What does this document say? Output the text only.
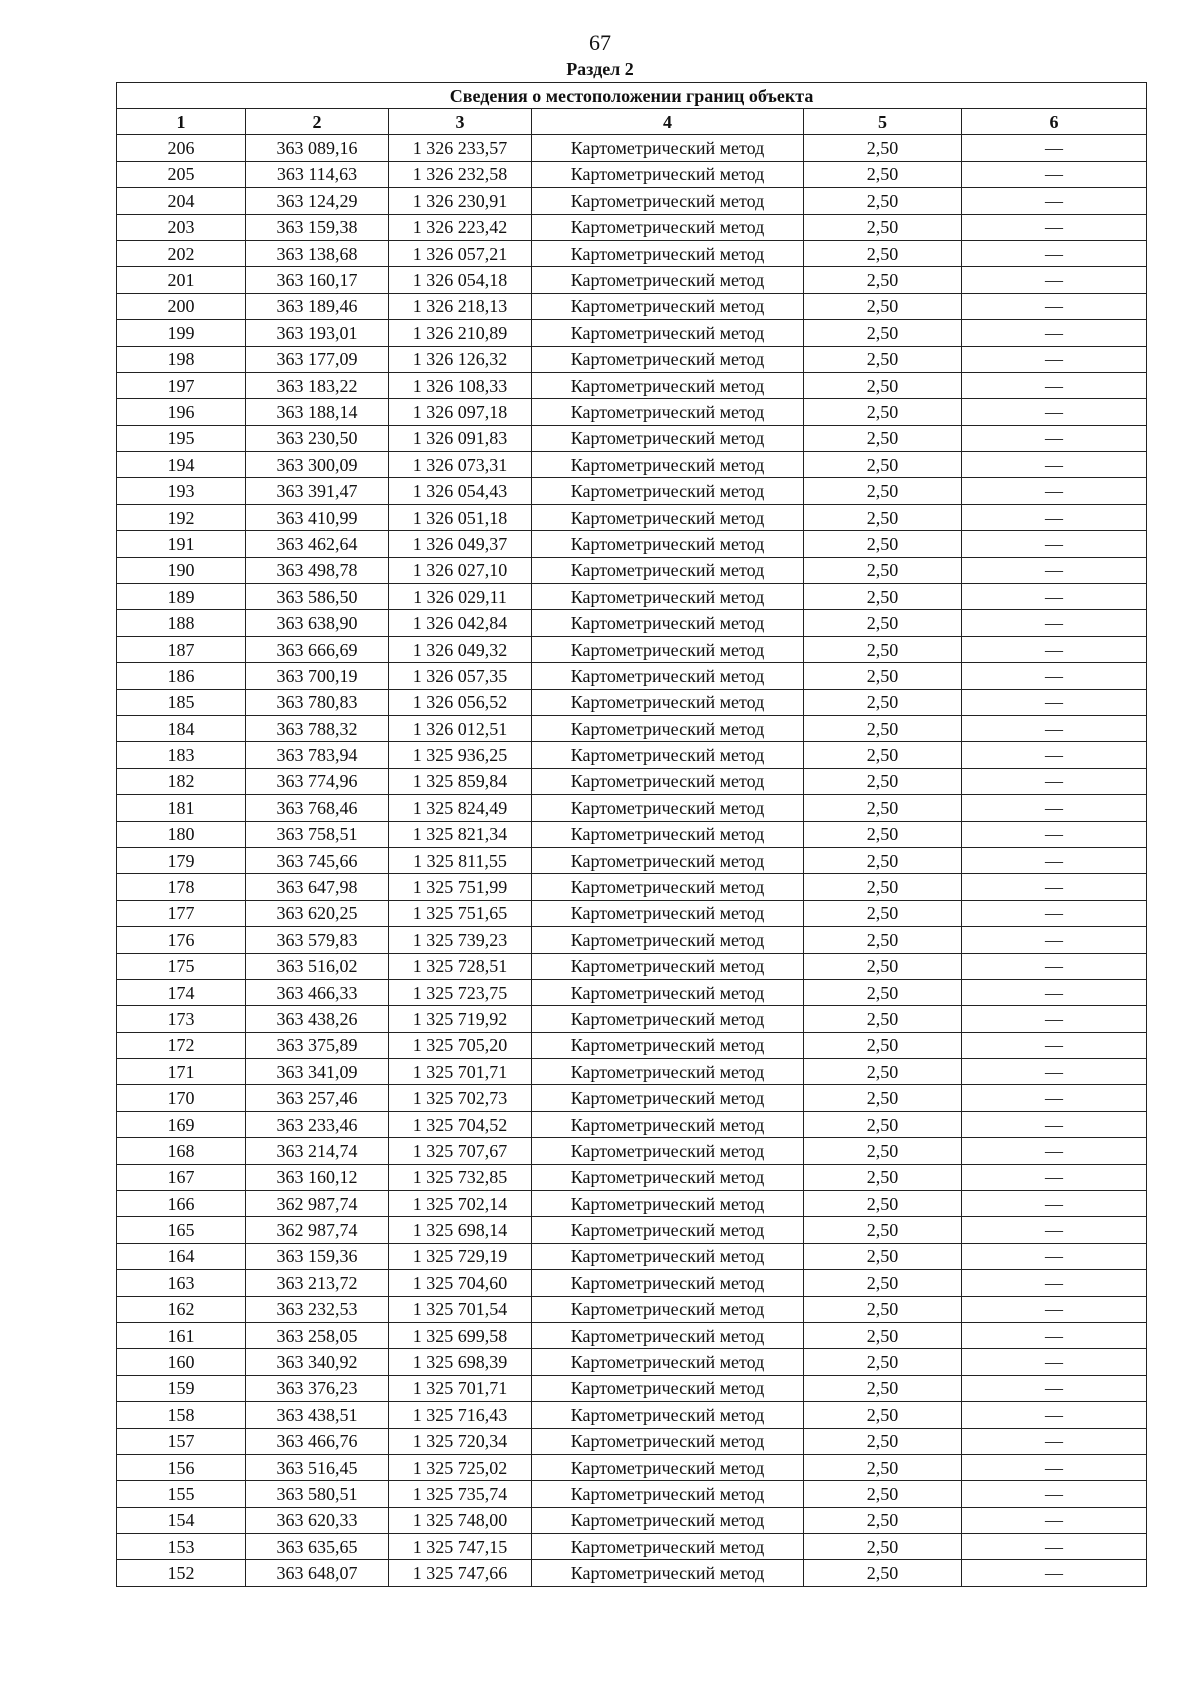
67
Раздел 2
Сведения о местоположении границ объекта					
1	2	3	4	5	6
206	363 089,16	1 326 233,57	Картометрический метод	2,50	—
205	363 114,63	1 326 232,58	Картометрический метод	2,50	—
204	363 124,29	1 326 230,91	Картометрический метод	2,50	—
203	363 159,38	1 326 223,42	Картометрический метод	2,50	—
202	363 138,68	1 326 057,21	Картометрический метод	2,50	—
201	363 160,17	1 326 054,18	Картометрический метод	2,50	—
200	363 189,46	1 326 218,13	Картометрический метод	2,50	—
199	363 193,01	1 326 210,89	Картометрический метод	2,50	—
198	363 177,09	1 326 126,32	Картометрический метод	2,50	—
197	363 183,22	1 326 108,33	Картометрический метод	2,50	—
196	363 188,14	1 326 097,18	Картометрический метод	2,50	—
195	363 230,50	1 326 091,83	Картометрический метод	2,50	—
194	363 300,09	1 326 073,31	Картометрический метод	2,50	—
193	363 391,47	1 326 054,43	Картометрический метод	2,50	—
192	363 410,99	1 326 051,18	Картометрический метод	2,50	—
191	363 462,64	1 326 049,37	Картометрический метод	2,50	—
190	363 498,78	1 326 027,10	Картометрический метод	2,50	—
189	363 586,50	1 326 029,11	Картометрический метод	2,50	—
188	363 638,90	1 326 042,84	Картометрический метод	2,50	—
187	363 666,69	1 326 049,32	Картометрический метод	2,50	—
186	363 700,19	1 326 057,35	Картометрический метод	2,50	—
185	363 780,83	1 326 056,52	Картометрический метод	2,50	—
184	363 788,32	1 326 012,51	Картометрический метод	2,50	—
183	363 783,94	1 325 936,25	Картометрический метод	2,50	—
182	363 774,96	1 325 859,84	Картометрический метод	2,50	—
181	363 768,46	1 325 824,49	Картометрический метод	2,50	—
180	363 758,51	1 325 821,34	Картометрический метод	2,50	—
179	363 745,66	1 325 811,55	Картометрический метод	2,50	—
178	363 647,98	1 325 751,99	Картометрический метод	2,50	—
177	363 620,25	1 325 751,65	Картометрический метод	2,50	—
176	363 579,83	1 325 739,23	Картометрический метод	2,50	—
175	363 516,02	1 325 728,51	Картометрический метод	2,50	—
174	363 466,33	1 325 723,75	Картометрический метод	2,50	—
173	363 438,26	1 325 719,92	Картометрический метод	2,50	—
172	363 375,89	1 325 705,20	Картометрический метод	2,50	—
171	363 341,09	1 325 701,71	Картометрический метод	2,50	—
170	363 257,46	1 325 702,73	Картометрический метод	2,50	—
169	363 233,46	1 325 704,52	Картометрический метод	2,50	—
168	363 214,74	1 325 707,67	Картометрический метод	2,50	—
167	363 160,12	1 325 732,85	Картометрический метод	2,50	—
166	362 987,74	1 325 702,14	Картометрический метод	2,50	—
165	362 987,74	1 325 698,14	Картометрический метод	2,50	—
164	363 159,36	1 325 729,19	Картометрический метод	2,50	—
163	363 213,72	1 325 704,60	Картометрический метод	2,50	—
162	363 232,53	1 325 701,54	Картометрический метод	2,50	—
161	363 258,05	1 325 699,58	Картометрический метод	2,50	—
160	363 340,92	1 325 698,39	Картометрический метод	2,50	—
159	363 376,23	1 325 701,71	Картометрический метод	2,50	—
158	363 438,51	1 325 716,43	Картометрический метод	2,50	—
157	363 466,76	1 325 720,34	Картометрический метод	2,50	—
156	363 516,45	1 325 725,02	Картометрический метод	2,50	—
155	363 580,51	1 325 735,74	Картометрический метод	2,50	—
154	363 620,33	1 325 748,00	Картометрический метод	2,50	—
153	363 635,65	1 325 747,15	Картометрический метод	2,50	—
152	363 648,07	1 325 747,66	Картометрический метод	2,50	—
